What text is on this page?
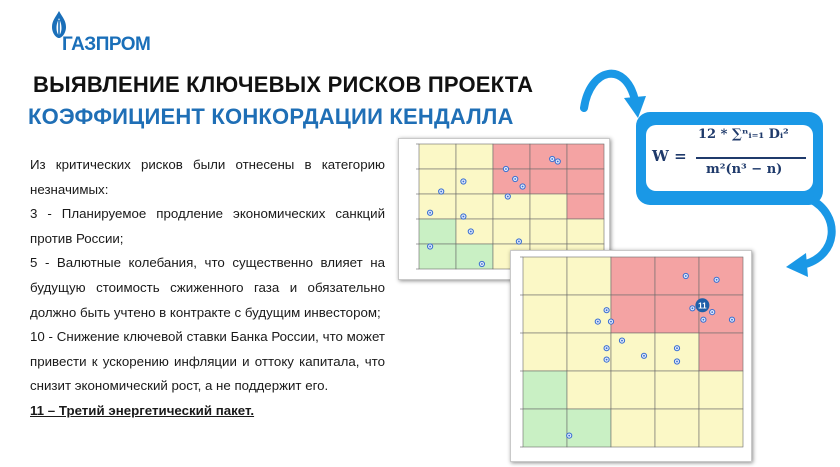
ГАЗПРОМ
ВЫЯВЛЕНИЕ КЛЮЧЕВЫХ РИСКОВ ПРОЕКТА
КОЭФФИЦИЕНТ КОНКОРДАЦИИ КЕНДАЛЛА

Из критических рисков были отнесены в категорию незначимых:

3 - Планируемое продление экономических санкций против России;

5 - Валютные колебания, что существенно влияет на будущую стоимость сжиженного газа и обязательно должно быть учтено в контракте с будущим инвестором;

10 - Снижение ключевой ставки Банка России, что может привести к ускорению инфляции и оттоку капитала, что снизит экономический рост, а не поддержит его.

11 – Третий энергетический пакет.

11
W =
12 * ∑ⁿᵢ₌₁ Dᵢ²
m²(n³ − n)
